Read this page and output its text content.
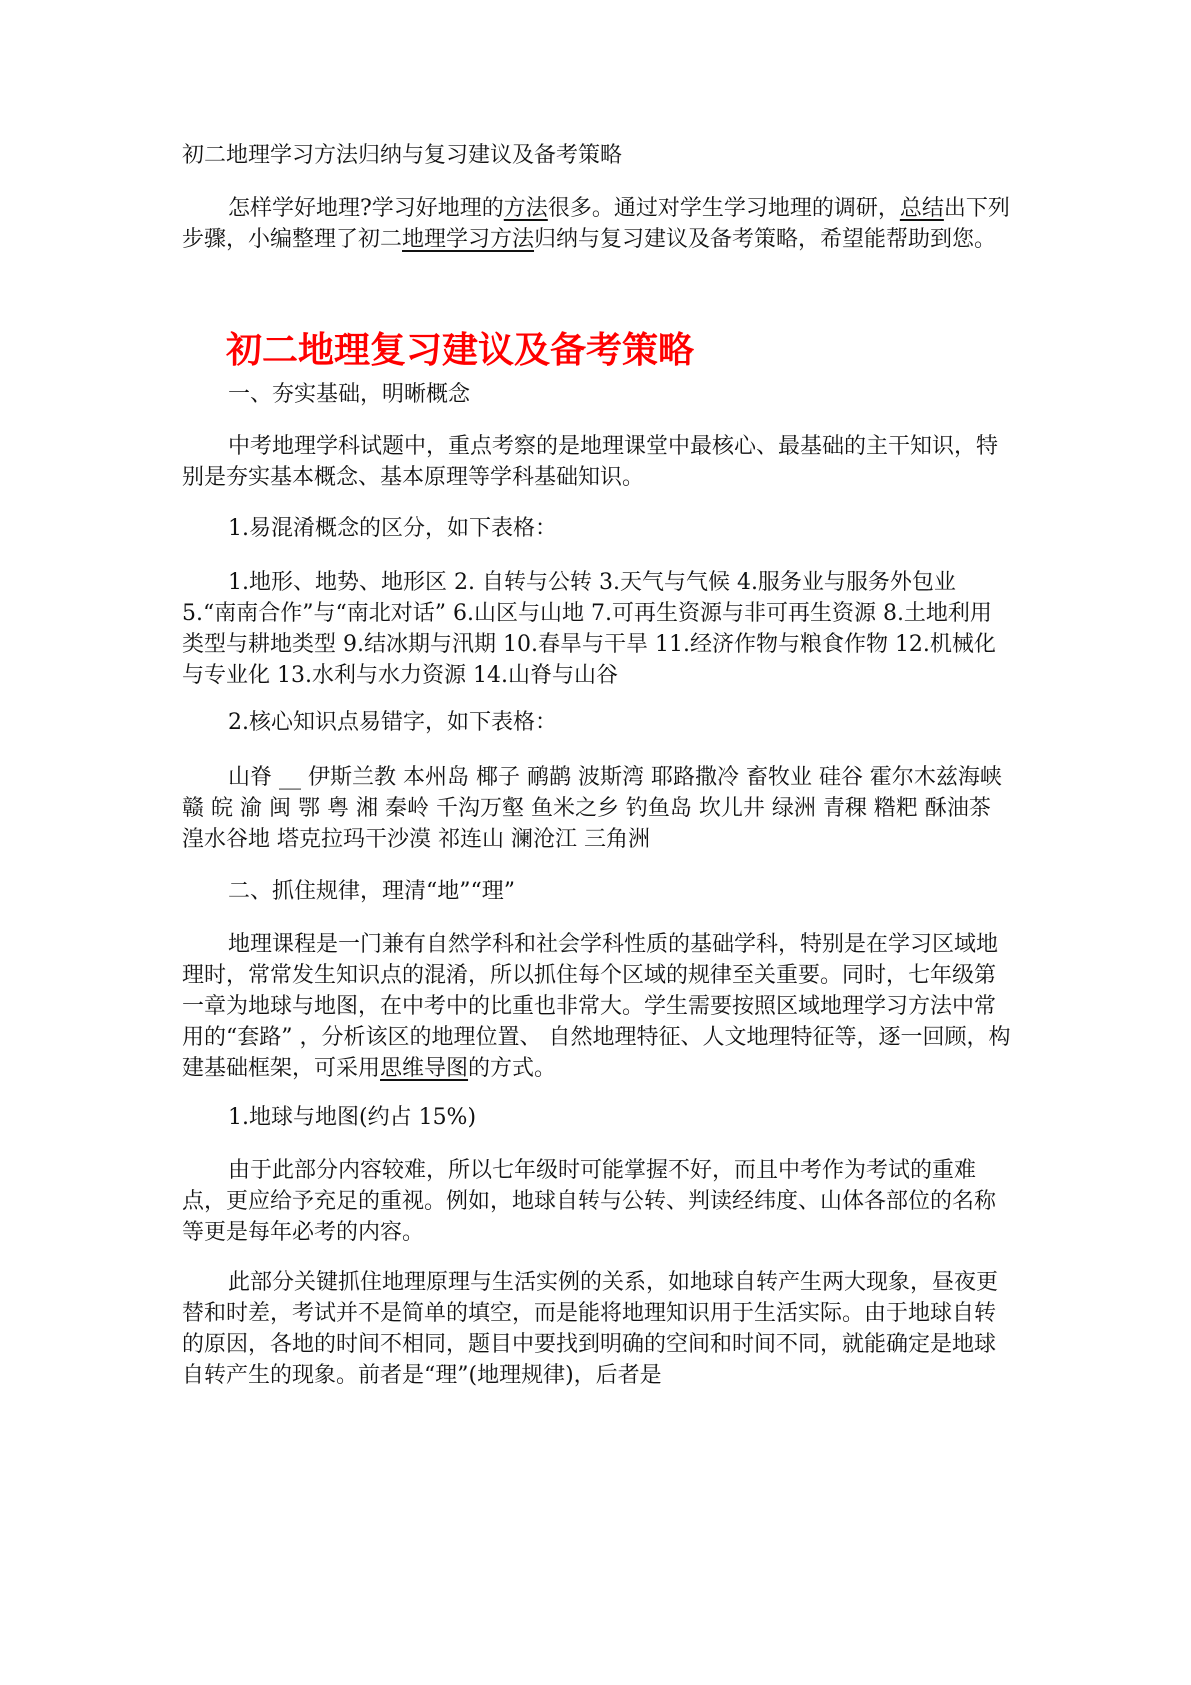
初二地理学习方法归纳与复习建议及备考策略

怎样学好地理?学习好地理的方法很多。通过对学生学习地理的调研，总结出下列步骤，小编整理了初二地理学习方法归纳与复习建议及备考策略，希望能帮助到您。

初二地理复习建议及备考策略

一、夯实基础，明晰概念

中考地理学科试题中，重点考察的是地理课堂中最核心、最基础的主干知识，特别是夯实基本概念、基本原理等学科基础知识。

1.易混淆概念的区分，如下表格：

1.地形、地势、地形区 2. 自转与公转 3.天气与气候 4.服务业与服务外包业 5.“南南合作”与“南北对话” 6.山区与山地 7.可再生资源与非可再生资源 8.土地利用类型与耕地类型 9.结冰期与汛期 10.春旱与干旱 11.经济作物与粮食作物 12.机械化与专业化 13.水利与水力资源 14.山脊与山谷

2.核心知识点易错字，如下表格：

山脊 __ 伊斯兰教 本州岛 椰子 鸸鹋 波斯湾 耶路撒冷 畜牧业 硅谷 霍尔木兹海峡 赣 皖 渝 闽 鄂 粤 湘 秦岭 千沟万壑 鱼米之乡 钓鱼岛 坎儿井 绿洲 青稞 糌粑 酥油茶 湟水谷地 塔克拉玛干沙漠 祁连山 澜沧江 三角洲

二、抓住规律，理清“地”“理”

地理课程是一门兼有自然学科和社会学科性质的基础学科，特别是在学习区域地理时，常常发生知识点的混淆，所以抓住每个区域的规律至关重要。同时，七年级第一章为地球与地图，在中考中的比重也非常大。学生需要按照区域地理学习方法中常用的“套路” ，分析该区的地理位置、 自然地理特征、人文地理特征等，逐一回顾，构建基础框架，可采用思维导图的方式。

1.地球与地图(约占 15%)

由于此部分内容较难，所以七年级时可能掌握不好，而且中考作为考试的重难点，更应给予充足的重视。例如，地球自转与公转、判读经纬度、山体各部位的名称等更是每年必考的内容。

此部分关键抓住地理原理与生活实例的关系，如地球自转产生两大现象，昼夜更替和时差，考试并不是简单的填空，而是能将地理知识用于生活实际。由于地球自转的原因，各地的时间不相同，题目中要找到明确的空间和时间不同，就能确定是地球自转产生的现象。前者是“理”(地理规律)，后者是
